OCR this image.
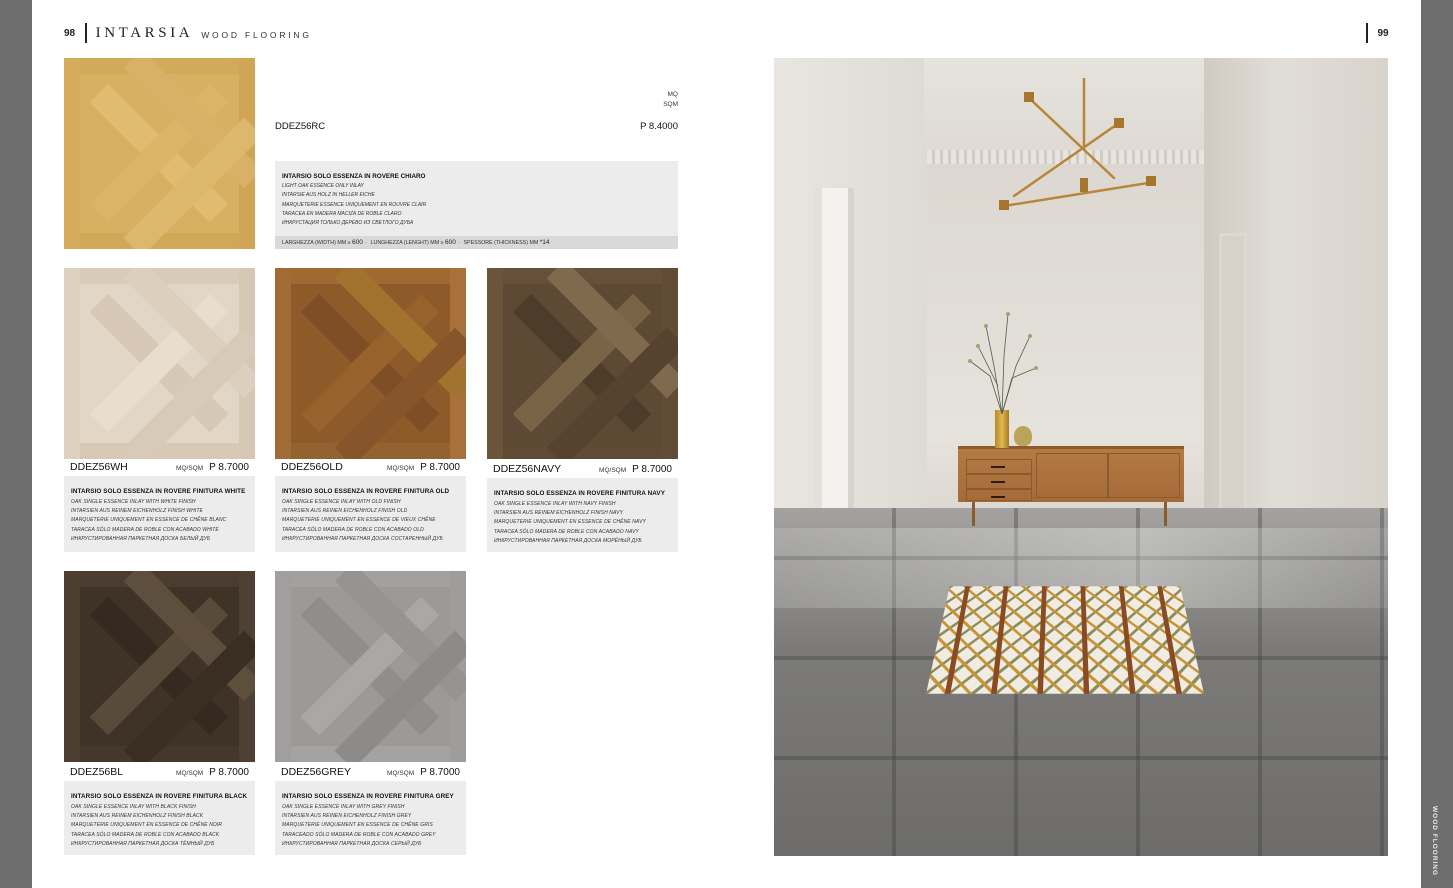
WOOD FLOORING
98 INTARSIA WOOD FLOORING	99
MQ
SQM
DDEZ56RC	P 8.4000
INTARSIO SOLO ESSENZA IN ROVERE CHIARO
LIGHT OAK ESSENCE ONLY INLAY
INTARSIE AUS HOLZ IN HELLER EICHE
MARQUETERIE ESSENCE UNIQUEMENT EN ROUVRE CLAIR
TARACEA EN MADERA MACIZA DE ROBLE CLARO
ИНКРУСТАЦИЯ ТОЛЬКО ДЕРЕВО ИЗ СВЕТЛОГО ДУБА
LARGHEZZA (WIDTH) MM ≥ 600 · LUNGHEZZA (LENGHT) MM ≥ 600 · SPESSORE (THICKNESS) MM *14
DDEZ56WH	MQ/SQM P 8.7000
INTARSIO SOLO ESSENZA IN ROVERE FINITURA WHITE
OAK SINGLE ESSENCE INLAY WITH WHITE FINISH
INTARSIEN AUS REINEM EICHENHOLZ FINISH WHITE
MARQUETERIE UNIQUEMENT EN ESSENCE DE CHÊNE BLANC
TARACEA SÓLO MADERA DE ROBLE CON ACABADO WHITE
ИНКРУСТИРОВАННАЯ ПАРКЕТНАЯ ДОСКА БЕЛЫЙ ДУБ
DDEZ56OLD	MQ/SQM P 8.7000
INTARSIO SOLO ESSENZA IN ROVERE FINITURA OLD
OAK SINGLE ESSENCE INLAY WITH OLD FINISH
INTARSIEN AUS REINEN EICHENHOLZ FINISH OLD
MARQUETERIE UNIQUEMENT EN ESSENCE DE VIEUX CHÊNE
TARACEA SÓLO MADERA DE ROBLE CON ACABADO OLD
ИНКРУСТИРОВАННАЯ ПАРКЕТНАЯ ДОСКА СОСТАРЕННЫЙ ДУБ
DDEZ56NAVY	MQ/SQM P 8.7000
INTARSIO SOLO ESSENZA IN ROVERE FINITURA NAVY
OAK SINGLE ESSENCE INLAY WITH NAVY FINISH
INTARSIEN AUS REINEM EICHENHOLZ FINISH NAVY
MARQUETERIE UNIQUEMENT EN ESSENCE DE CHÊNE NAVY
TARACEA SÓLO MADERA DE ROBLE CON ACABADO NAVY
ИНКРУСТИРОВАННАЯ ПАРКЕТНАЯ ДОСКА МОРЁНЫЙ ДУБ
DDEZ56BL	MQ/SQM P 8.7000
INTARSIO SOLO ESSENZA IN ROVERE FINITURA BLACK
OAK SINGLE ESSENCE INLAY WITH BLACK FINISH
INTARSIEN AUS REINEM EICHENHOLZ FINISH BLACK
MARQUETERIE UNIQUEMENT EN ESSENCE DE CHÊNE NOIR
TARACEA SÓLO MADERA DE ROBLE CON ACABADO BLACK
ИНКРУСТИРОВАННАЯ ПАРКЕТНАЯ ДОСКА ТЁМНЫЙ ДУБ
DDEZ56GREY	MQ/SQM P 8.7000
INTARSIO SOLO ESSENZA IN ROVERE FINITURA GREY
OAK SINGLE ESSENCE INLAY WITH GREY FINISH
INTARSIEN AUS REINEN EICHENHOLZ FINISH GREY
MARQUETERIE UNIQUEMENT EN ESSENCE DE CHÊNE GRIS
TARACEADO SÓLO MADERA DE ROBLE CON ACABADO GREY
ИНКРУСТИРОВАННАЯ ПАРКЕТНАЯ ДОСКА СЕРЫЙ ДУБ
